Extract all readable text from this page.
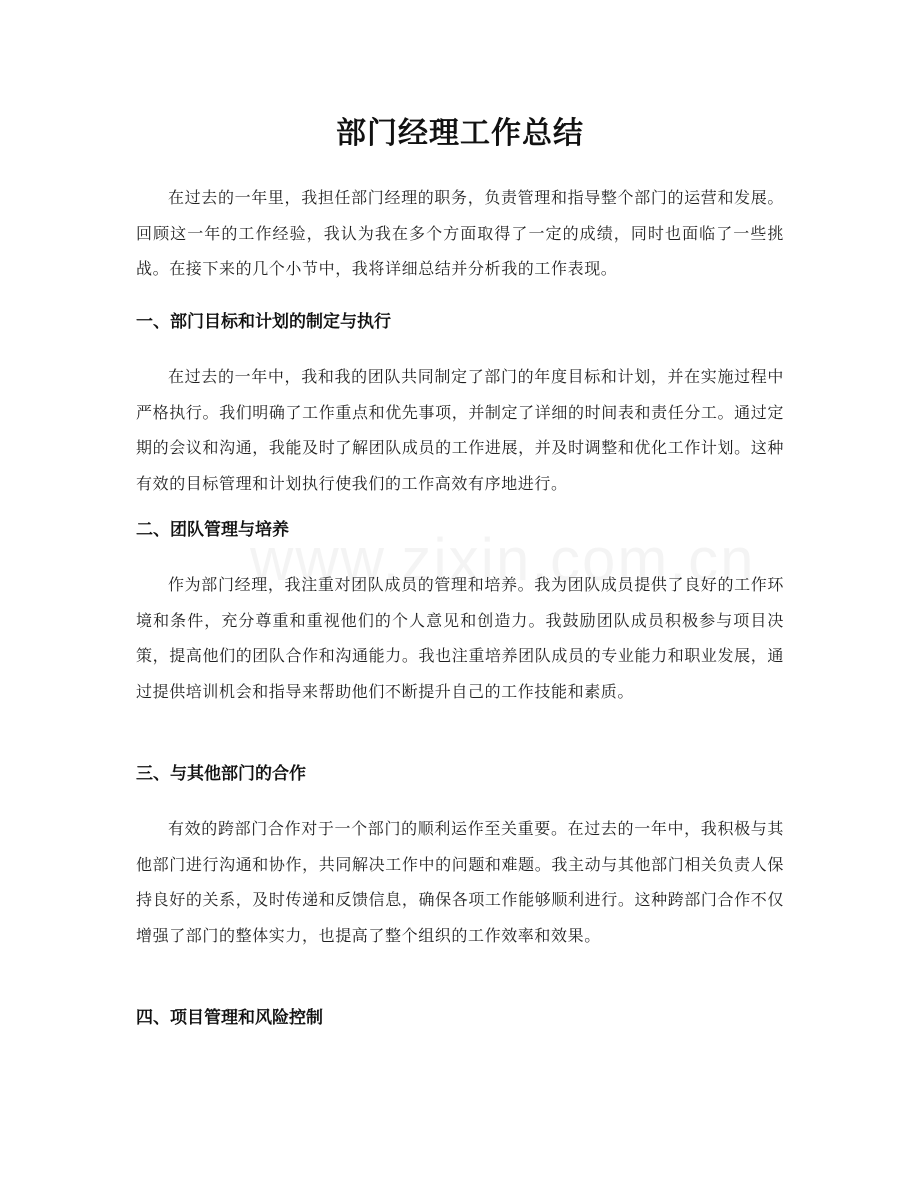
部门经理工作总结

在过去的一年里，我担任部门经理的职务，负责管理和指导整个部门的运营和发展。回顾这一年的工作经验，我认为我在多个方面取得了一定的成绩，同时也面临了一些挑战。在接下来的几个小节中，我将详细总结并分析我的工作表现。

一、部门目标和计划的制定与执行

在过去的一年中，我和我的团队共同制定了部门的年度目标和计划，并在实施过程中严格执行。我们明确了工作重点和优先事项，并制定了详细的时间表和责任分工。通过定期的会议和沟通，我能及时了解团队成员的工作进展，并及时调整和优化工作计划。这种有效的目标管理和计划执行使我们的工作高效有序地进行。

二、团队管理与培养

作为部门经理，我注重对团队成员的管理和培养。我为团队成员提供了良好的工作环境和条件，充分尊重和重视他们的个人意见和创造力。我鼓励团队成员积极参与项目决策，提高他们的团队合作和沟通能力。我也注重培养团队成员的专业能力和职业发展，通过提供培训机会和指导来帮助他们不断提升自己的工作技能和素质。

三、与其他部门的合作

有效的跨部门合作对于一个部门的顺利运作至关重要。在过去的一年中，我积极与其他部门进行沟通和协作，共同解决工作中的问题和难题。我主动与其他部门相关负责人保持良好的关系，及时传递和反馈信息，确保各项工作能够顺利进行。这种跨部门合作不仅增强了部门的整体实力，也提高了整个组织的工作效率和效果。

四、项目管理和风险控制
